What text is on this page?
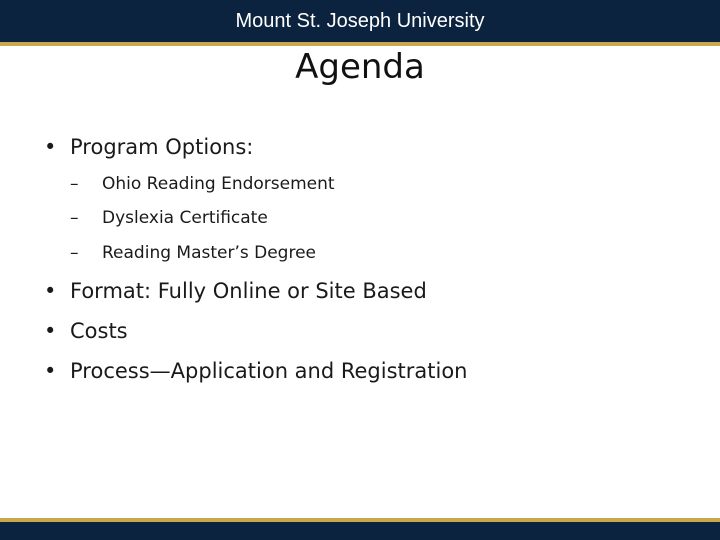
Mount St. Joseph University
Agenda
• Program Options:
– Ohio Reading Endorsement
– Dyslexia Certificate
– Reading Master’s Degree
• Format: Fully Online or Site Based
• Costs
• Process—Application and Registration
